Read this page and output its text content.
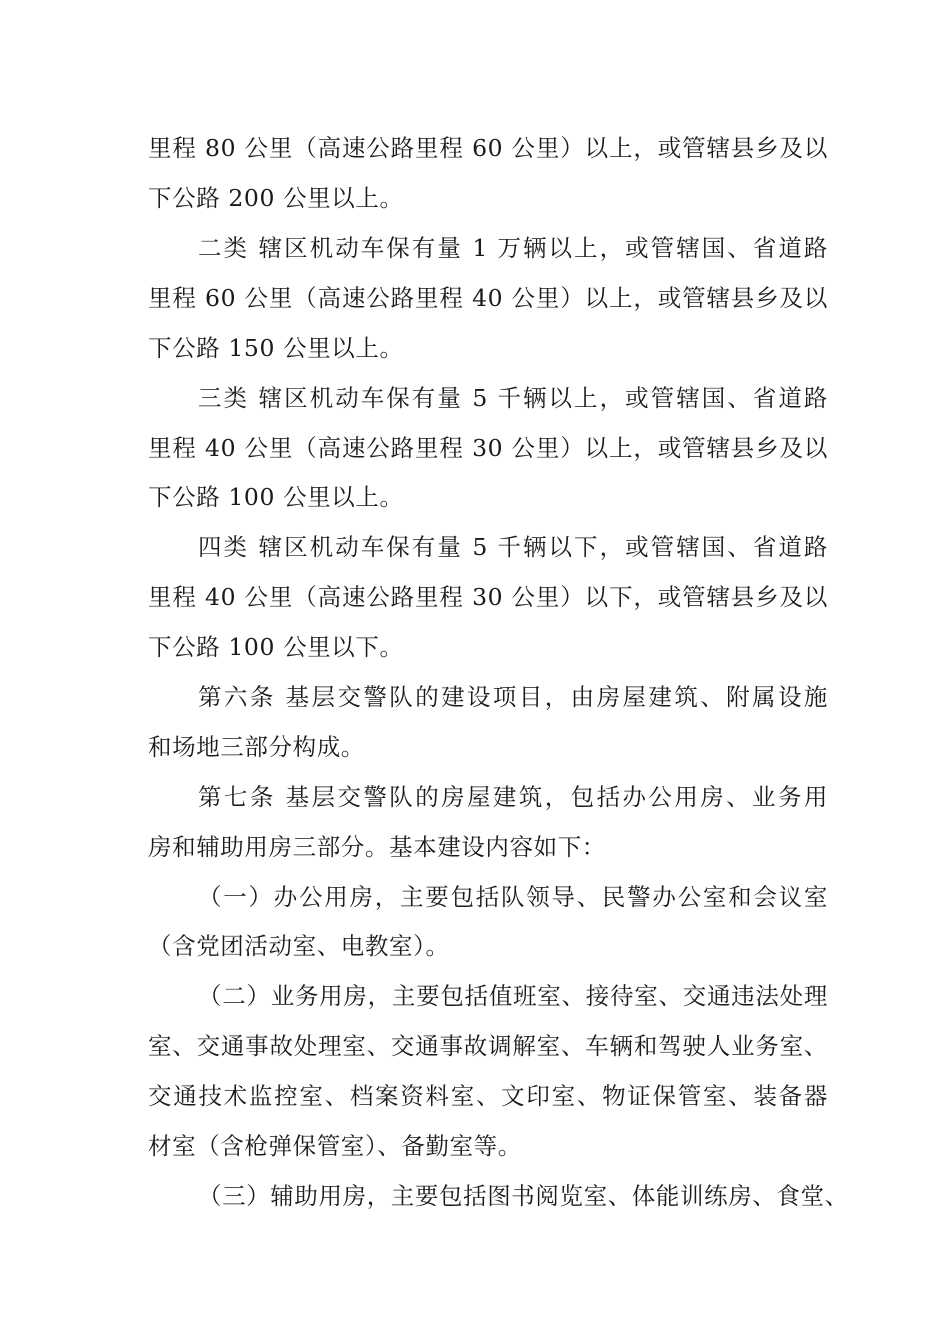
里程 80 公里（高速公路里程 60 公里）以上，或管辖县乡及以
下公路 200 公里以上。
二类 辖区机动车保有量 1 万辆以上，或管辖国、省道路
里程 60 公里（高速公路里程 40 公里）以上，或管辖县乡及以
下公路 150 公里以上。
三类 辖区机动车保有量 5 千辆以上，或管辖国、省道路
里程 40 公里（高速公路里程 30 公里）以上，或管辖县乡及以
下公路 100 公里以上。
四类 辖区机动车保有量 5 千辆以下，或管辖国、省道路
里程 40 公里（高速公路里程 30 公里）以下，或管辖县乡及以
下公路 100 公里以下。
第六条 基层交警队的建设项目，由房屋建筑、附属设施
和场地三部分构成。
第七条 基层交警队的房屋建筑，包括办公用房、业务用
房和辅助用房三部分。基本建设内容如下：
（一）办公用房，主要包括队领导、民警办公室和会议室
（含党团活动室、电教室）。
（二）业务用房，主要包括值班室、接待室、交通违法处理
室、交通事故处理室、交通事故调解室、车辆和驾驶人业务室、
交通技术监控室、档案资料室、文印室、物证保管室、装备器
材室（含枪弹保管室）、备勤室等。
（三）辅助用房，主要包括图书阅览室、体能训练房、食堂、
